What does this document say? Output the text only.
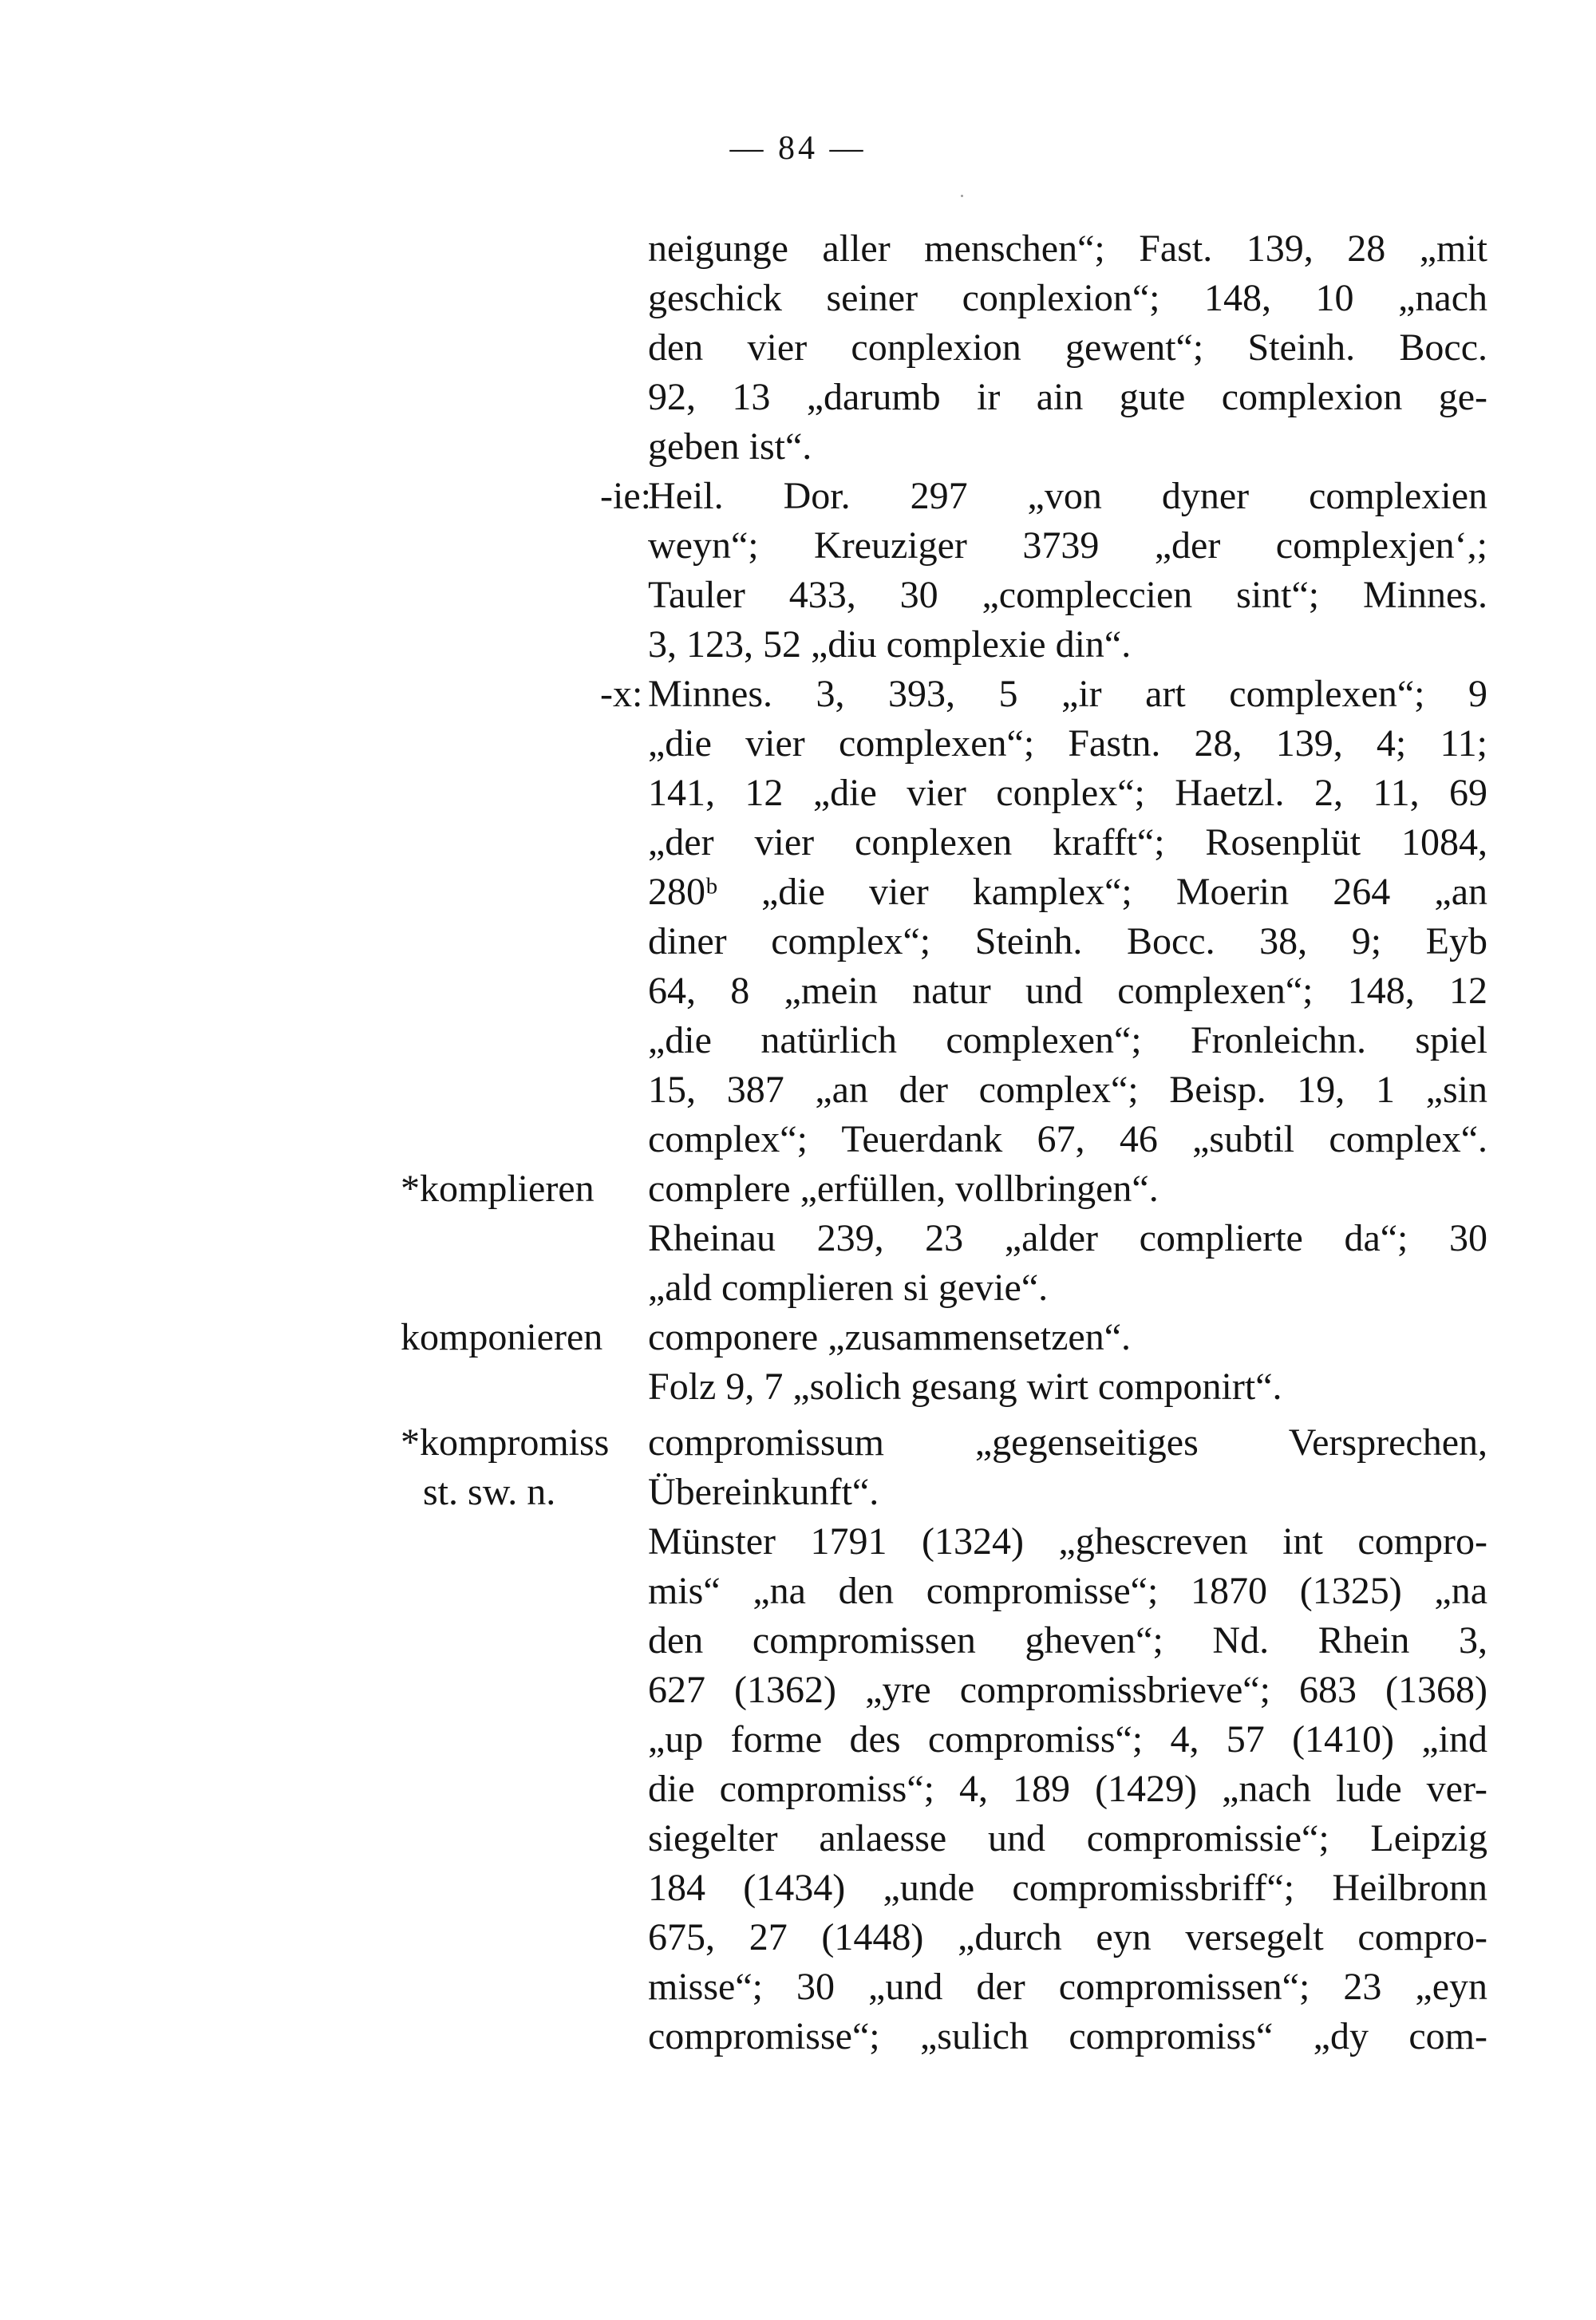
— 84 —
neigunge aller menschen“; Fast. 139, 28 „mit
geschick seiner conplexion“; 148, 10 „nach
den vier conplexion gewent“; Steinh. Bocc.
92, 13 „darumb ir ain gute complexion ge-
geben ist“.
-ie:
Heil. Dor. 297 „von dyner complexien
weyn“; Kreuziger 3739 „der complexjen‘,;
Tauler 433, 30 „compleccien sint“; Minnes.
3, 123, 52 „diu complexie din“.
-x: Minnes. 3, 393, 5 „ir art complexen“; 9
„die vier complexen“; Fastn. 28, 139, 4; 11;
141, 12 „die vier conplex“; Haetzl. 2, 11, 69
„der vier conplexen krafft“; Rosenplüt 1084,
280ᵇ „die vier kamplex“; Moerin 264 „an
diner complex“; Steinh. Bocc. 38, 9; Eyb
64, 8 „mein natur und complexen“; 148, 12
„die natürlich complexen“; Fronleichn. spiel
15, 387 „an der complex“; Beisp. 19, 1 „sin
complex“; Teuerdank 67, 46 „subtil complex“.
*komplieren complere „erfüllen, vollbringen“.
Rheinau 239, 23 „alder complierte da“; 30
„ald complieren si gevie“.
komponieren componere „zusammensetzen“.
Folz 9, 7 „solich gesang wirt componirt“.
*kompromiss
st. sw. n.
compromissum „gegenseitiges Versprechen,
Übereinkunft“.
Münster 1791 (1324) „ghescreven int compro-
mis“ „na den compromisse“; 1870 (1325) „na
den compromissen gheven“; Nd. Rhein 3,
627 (1362) „yre compromissbrieve“; 683 (1368)
„up forme des compromiss“; 4, 57 (1410) „ind
die compromiss“; 4, 189 (1429) „nach lude ver-
siegelter anlaesse und compromissie“; Leipzig
184 (1434) „unde compromissbriff“; Heilbronn
675, 27 (1448) „durch eyn versegelt compro-
misse“; 30 „und der compromissen“; 23 „eyn
compromisse“; „sulich compromiss“ „dy com-
